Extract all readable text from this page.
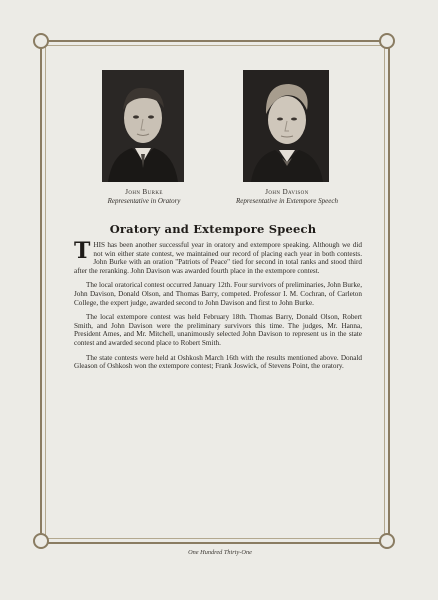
John Burke
Representative in Oratory
John Davison
Representative in Extempore Speech
Oratory and Extempore Speech

THIS has been another successful year in oratory and extempore speaking. Although we did not win either state contest, we maintained our record of placing each year in both contests. John Burke with an oration "Patriots of Peace" tied for second in total ranks and stood third after the reranking. John Davison was awarded fourth place in the extempore contest.

The local oratorical contest occurred January 12th. Four survivors of preliminaries, John Burke, John Davison, Donald Olson, and Thomas Barry, competed. Professor I. M. Cochran, of Carleton College, the expert judge, awarded second to John Davison and first to John Burke.

The local extempore contest was held February 18th. Thomas Barry, Donald Olson, Robert Smith, and John Davison were the preliminary survivors this time. The judges, Mr. Hanna, President Ames, and Mr. Mitchell, unanimously selected John Davison to represent us in the state contest and awarded second place to Robert Smith.

The state contests were held at Oshkosh March 16th with the results mentioned above. Donald Gleason of Oshkosh won the extempore contest; Frank Joswick, of Stevens Point, the oratory.

One Hundred Thirty-One
